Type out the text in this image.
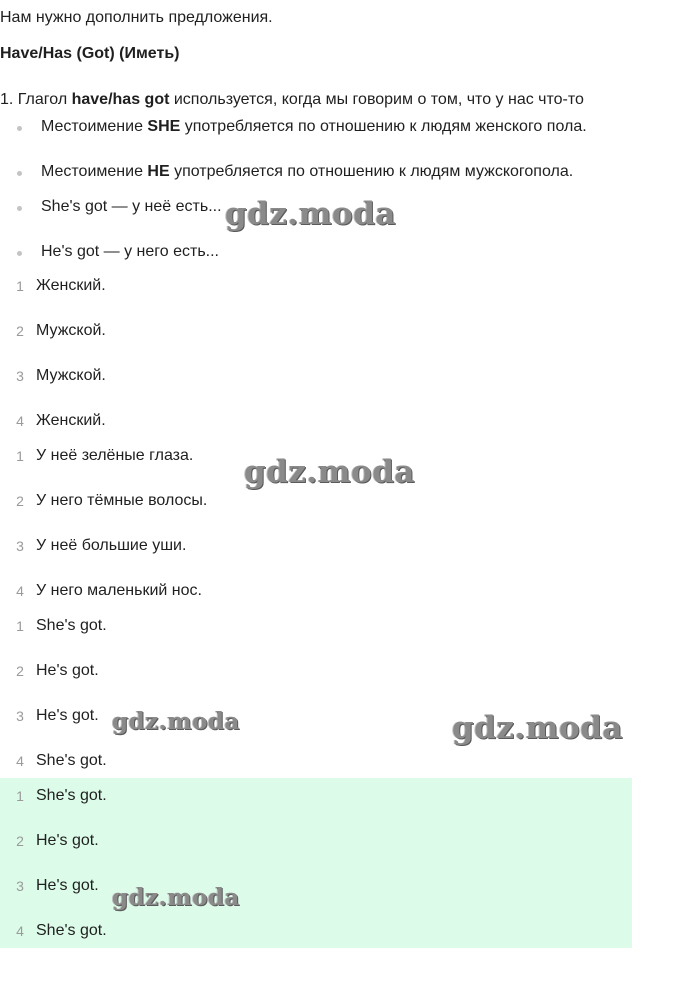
Нам нужно дополнить предложения.
Have/Has (Got) (Иметь)
1. Глагол have/has got используется, когда мы говорим о том, что у нас что-то
Местоимение SHE употребляется по отношению к людям женского пола.
Местоимение HE употребляется по отношению к людям мужскогопола.
She's got — у неё есть...
He's got — у него есть...
1 Женский.
2 Мужской.
3 Мужской.
4 Женский.
1 У неё зелёные глаза.
2 У него тёмные волосы.
3 У неё большие уши.
4 У него маленький нос.
1 She's got.
2 He's got.
3 He's got.
4 She's got.
1 She's got.
2 He's got.
3 He's got.
4 She's got.
gdz.moda
gdz.moda
gdz.moda
gdz.moda
gdz.moda
